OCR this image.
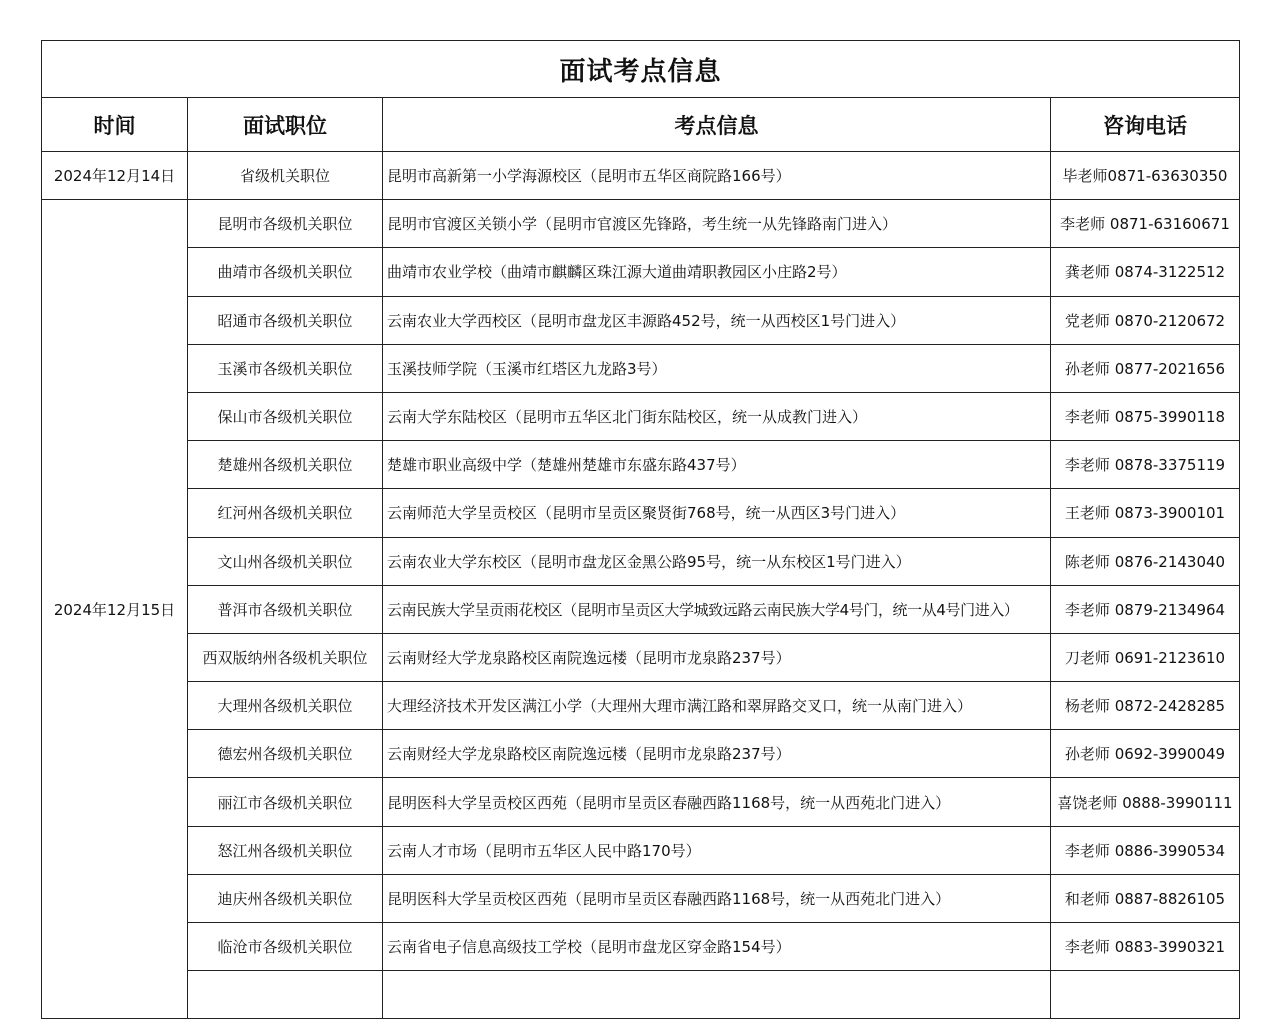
面试考点信息			
时间	面试职位	考点信息	咨询电话
2024年12月14日	省级机关职位	昆明市高新第一小学海源校区（昆明市五华区商院路166号）	毕老师0871-63630350
2024年12月15日	昆明市各级机关职位	昆明市官渡区关锁小学（昆明市官渡区先锋路，考生统一从先锋路南门进入）	李老师 0871-63160671
	曲靖市各级机关职位	曲靖市农业学校（曲靖市麒麟区珠江源大道曲靖职教园区小庄路2号）	龚老师 0874-3122512
	昭通市各级机关职位	云南农业大学西校区（昆明市盘龙区丰源路452号，统一从西校区1号门进入）	党老师 0870-2120672
	玉溪市各级机关职位	玉溪技师学院（玉溪市红塔区九龙路3号）	孙老师 0877-2021656
	保山市各级机关职位	云南大学东陆校区（昆明市五华区北门街东陆校区，统一从成教门进入）	李老师 0875-3990118
	楚雄州各级机关职位	楚雄市职业高级中学（楚雄州楚雄市东盛东路437号）	李老师 0878-3375119
	红河州各级机关职位	云南师范大学呈贡校区（昆明市呈贡区聚贤街768号，统一从西区3号门进入）	王老师 0873-3900101
	文山州各级机关职位	云南农业大学东校区（昆明市盘龙区金黑公路95号，统一从东校区1号门进入）	陈老师 0876-2143040
	普洱市各级机关职位	云南民族大学呈贡雨花校区（昆明市呈贡区大学城致远路云南民族大学4号门，统一从4号门进入）	李老师 0879-2134964
	西双版纳州各级机关职位	云南财经大学龙泉路校区南院逸远楼（昆明市龙泉路237号）	刀老师 0691-2123610
	大理州各级机关职位	大理经济技术开发区满江小学（大理州大理市满江路和翠屏路交叉口，统一从南门进入）	杨老师 0872-2428285
	德宏州各级机关职位	云南财经大学龙泉路校区南院逸远楼（昆明市龙泉路237号）	孙老师 0692-3990049
	丽江市各级机关职位	昆明医科大学呈贡校区西苑（昆明市呈贡区春融西路1168号，统一从西苑北门进入）	喜饶老师 0888-3990111
	怒江州各级机关职位	云南人才市场（昆明市五华区人民中路170号）	李老师 0886-3990534
	迪庆州各级机关职位	昆明医科大学呈贡校区西苑（昆明市呈贡区春融西路1168号，统一从西苑北门进入）	和老师 0887-8826105
	临沧市各级机关职位	云南省电子信息高级技工学校（昆明市盘龙区穿金路154号）	李老师 0883-3990321
